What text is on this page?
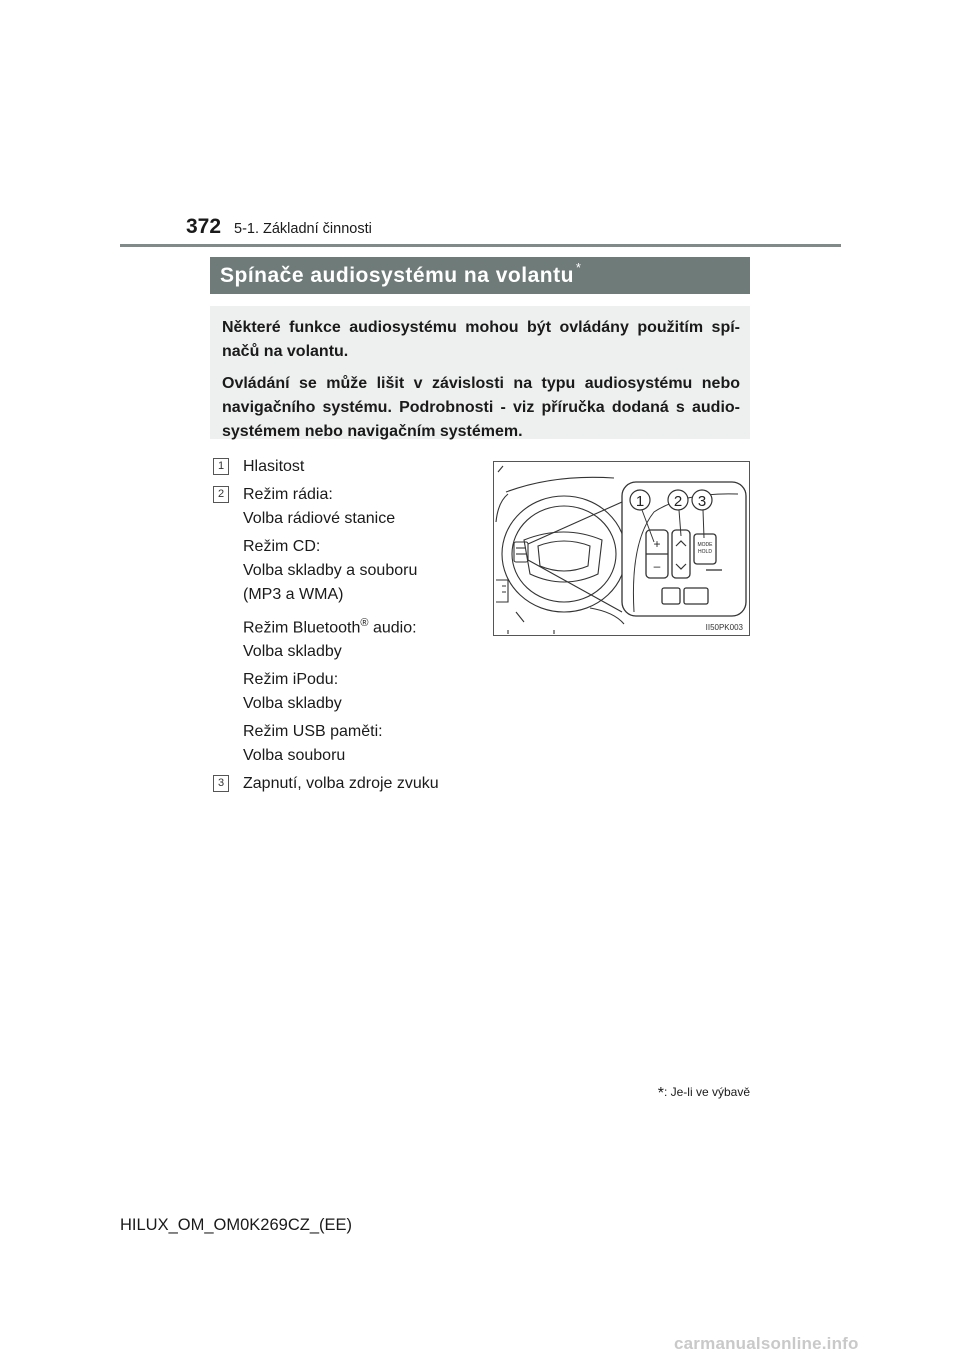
372 5-1. Základní činnosti
Spínače audiosystému na volantu *

Některé funkce audiosystému mohou být ovládány použitím spí-načů na volantu.

Ovládání se může lišit v závislosti na typu audiosystému nebo navigačního systému. Podrobnosti - viz příručka dodaná s audio-systémem nebo navigačním systémem.

1	Hlasitost
2	Režim rádia:
Volba rádiové stanice
Režim CD:
Volba skladby a souboru
(MP3 a WMA)
Režim Bluetooth® audio:
Volba skladby
Režim iPodu:
Volba skladby
Režim USB paměti:
Volba souboru
3	Zapnutí, volba zdroje zvuku
1 2 3
+
–
MODE
HOLD
II50PK003
*: Je-li ve výbavě
HILUX_OM_OM0K269CZ_(EE)
carmanualsonline.info
